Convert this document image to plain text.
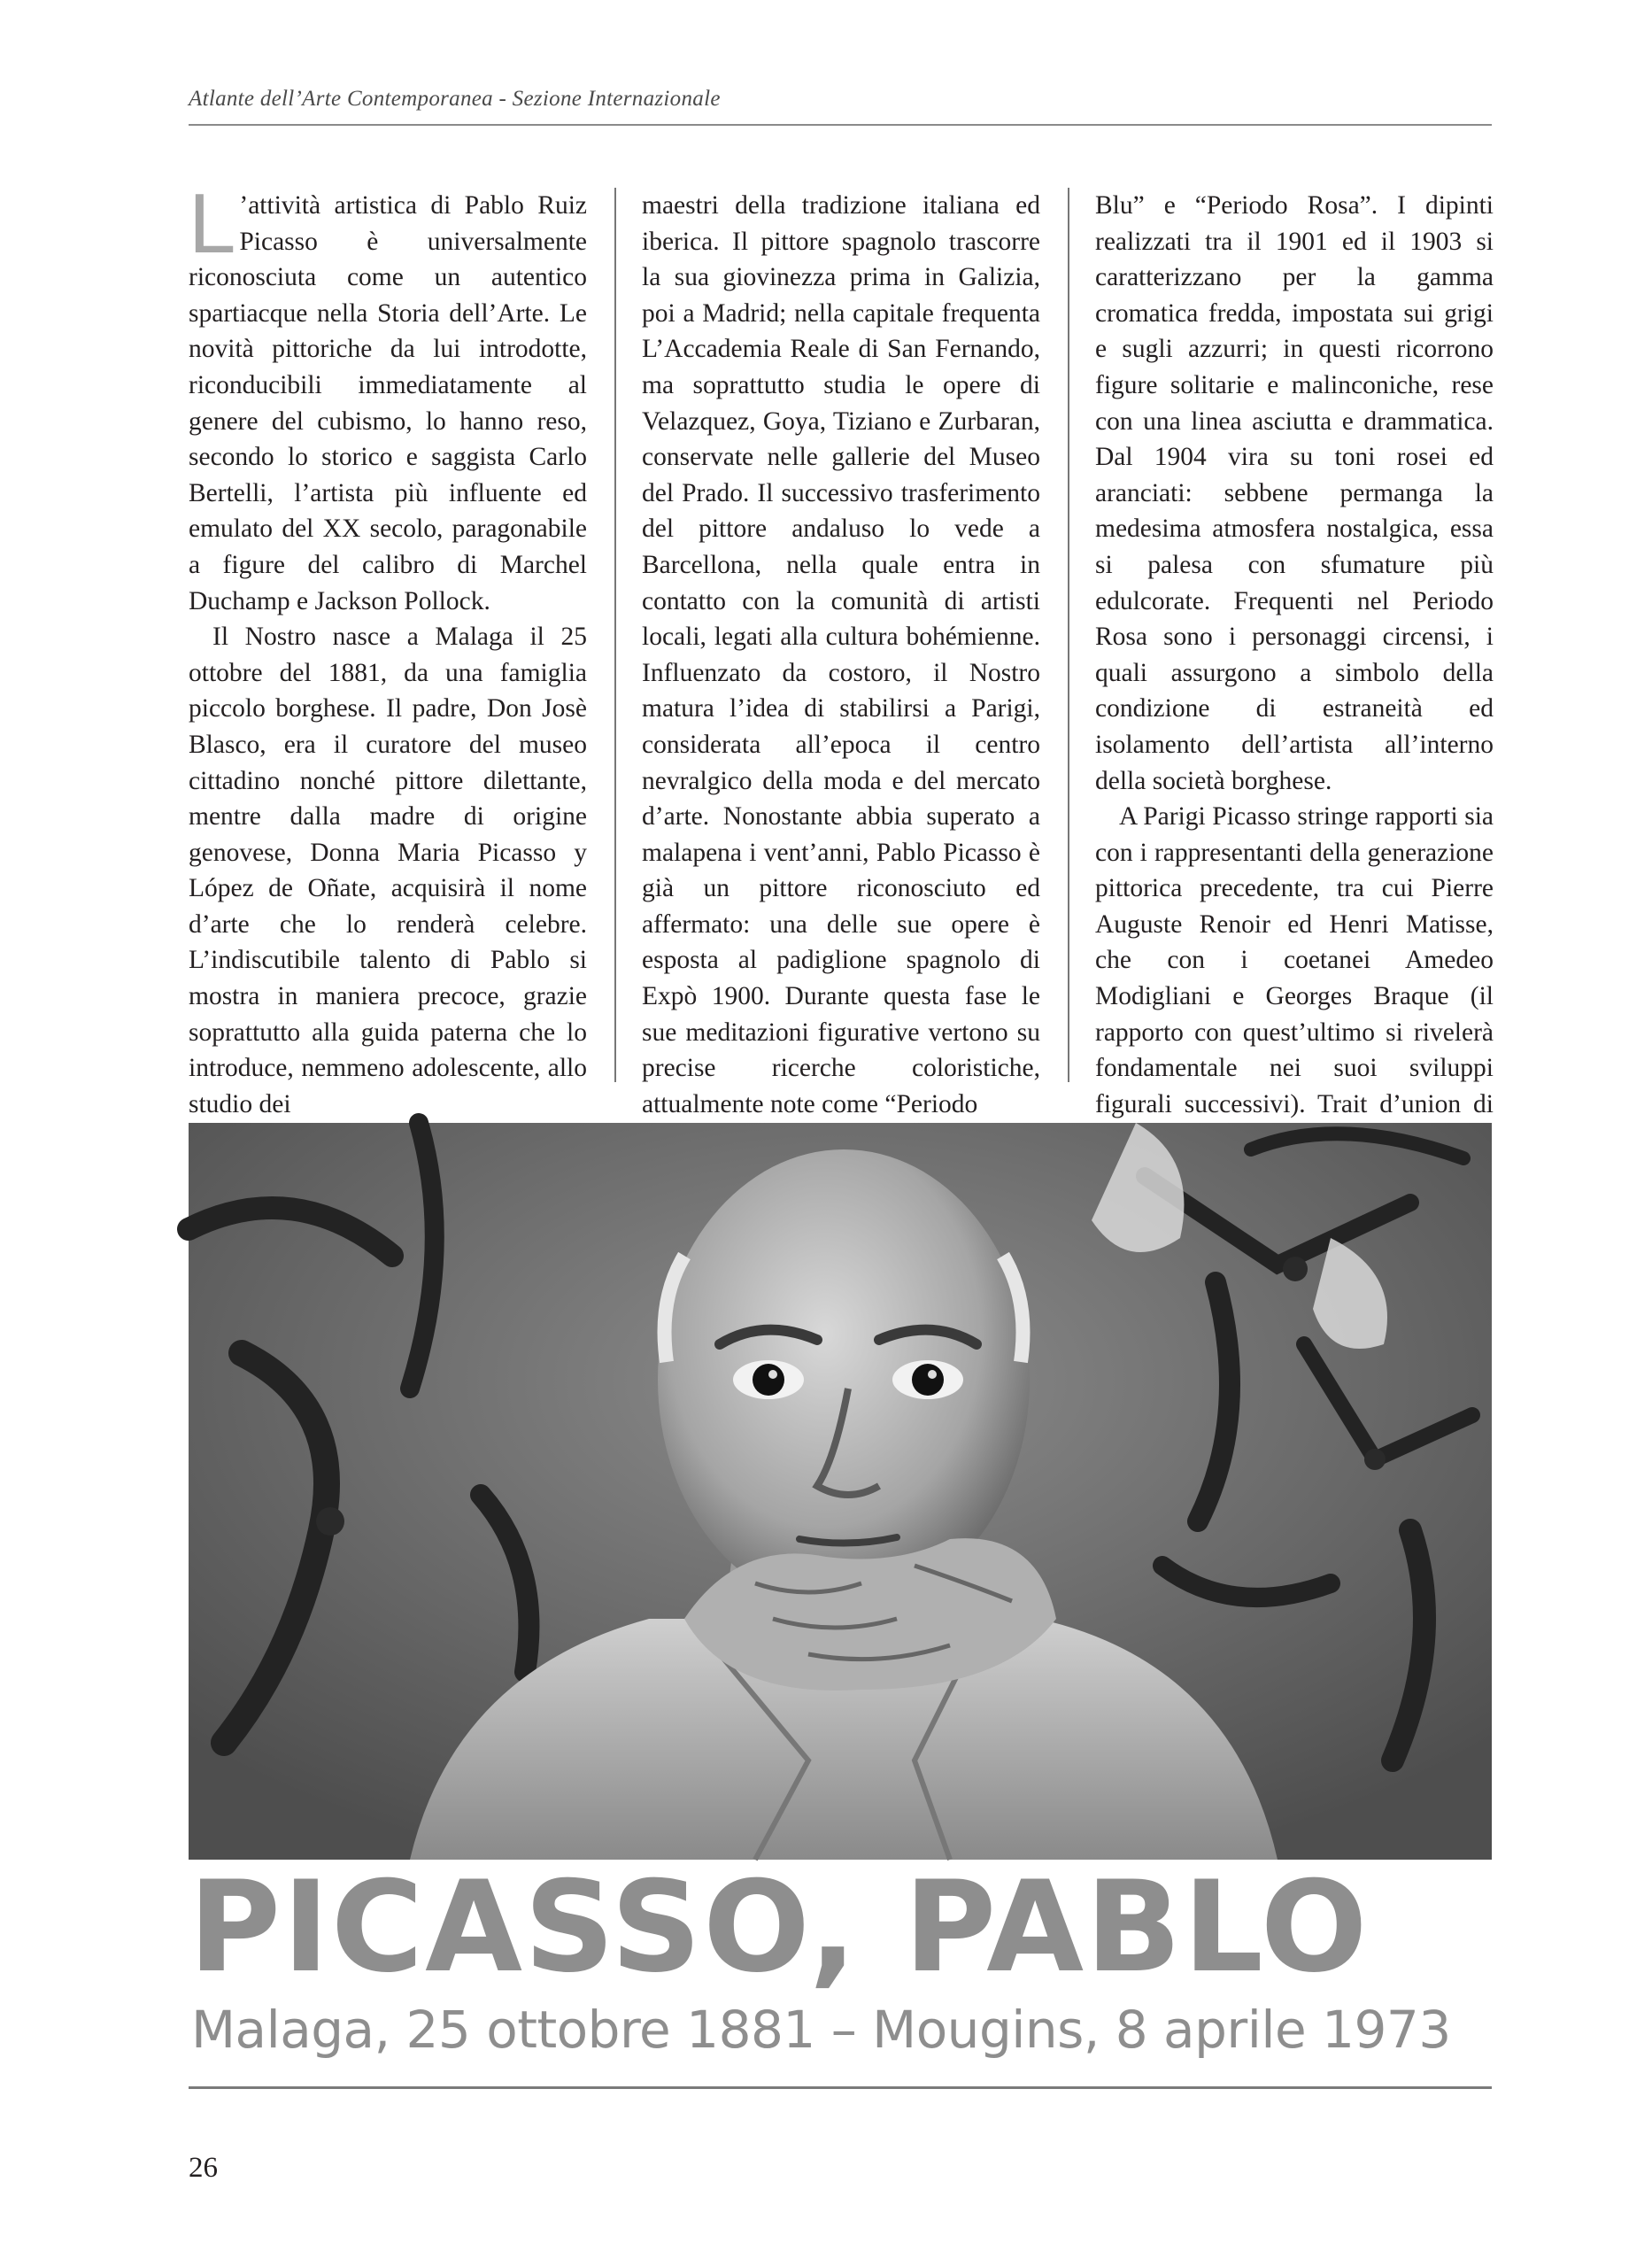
Atlante dell’Arte Contemporanea - Sezione Internazionale

L ’attività artistica di Pablo Ruiz Picasso è universalmente riconosciuta come un autentico spartiacque nella Storia dell’Arte. Le novità pittoriche da lui introdotte, riconducibili immediatamente al genere del cubismo, lo hanno reso, secondo lo storico e saggista Carlo Bertelli, l’artista più influente ed emulato del XX secolo, paragonabile a figure del calibro di Marchel Duchamp e Jackson Pollock.

Il Nostro nasce a Malaga il 25 ottobre del 1881, da una famiglia piccolo borghese. Il padre, Don Josè Blasco, era il curatore del museo cittadino nonché pittore dilettante, mentre dalla madre di origine genovese, Donna Maria Picasso y López de Oñate, acquisirà il nome d’arte che lo renderà celebre. L’indiscutibile talento di Pablo si mostra in maniera precoce, grazie soprattutto alla guida paterna che lo introduce, nemmeno adolescente, allo studio dei

maestri della tradizione italiana ed iberica. Il pittore spagnolo trascorre la sua giovinezza prima in Galizia, poi a Madrid; nella capitale frequenta L’Accademia Reale di San Fernando, ma soprattutto studia le opere di Velazquez, Goya, Tiziano e Zurbaran, conservate nelle gallerie del Museo del Prado. Il successivo trasferimento del pittore andaluso lo vede a Barcellona, nella quale entra in contatto con la comunità di artisti locali, legati alla cultura bohémienne. Influenzato da costoro, il Nostro matura l’idea di stabilirsi a Parigi, considerata all’epoca il centro nevralgico della moda e del mercato d’arte. Nonostante abbia superato a malapena i vent’anni, Pablo Picasso è già un pittore riconosciuto ed affermato: una delle sue opere è esposta al padiglione spagnolo di Expò 1900. Durante questa fase le sue meditazioni figurative vertono su precise ricerche coloristiche, attualmente note come “Periodo

Blu” e “Periodo Rosa”. I dipinti realizzati tra il 1901 ed il 1903 si caratterizzano per la gamma cromatica fredda, impostata sui grigi e sugli azzurri; in questi ricorrono figure solitarie e malinconiche, rese con una linea asciutta e drammatica. Dal 1904 vira su toni rosei ed aranciati: sebbene permanga la medesima atmosfera nostalgica, essa si palesa con sfumature più edulcorate. Frequenti nel Periodo Rosa sono i personaggi circensi, i quali assurgono a simbolo della condizione di estraneità ed isolamento dell’artista all’interno della società borghese.

A Parigi Picasso stringe rapporti sia con i rappresentanti della generazione pittorica precedente, tra cui Pierre Auguste Renoir ed Henri Matisse, che con i coetanei Amedeo Modigliani e Georges Braque (il rapporto con quest’ultimo si rivelerà fondamentale nei suoi sviluppi figurali successivi). Trait d’union di

PICASSO, PABLO
Malaga, 25 ottobre 1881 – Mougins, 8 aprile 1973
26
